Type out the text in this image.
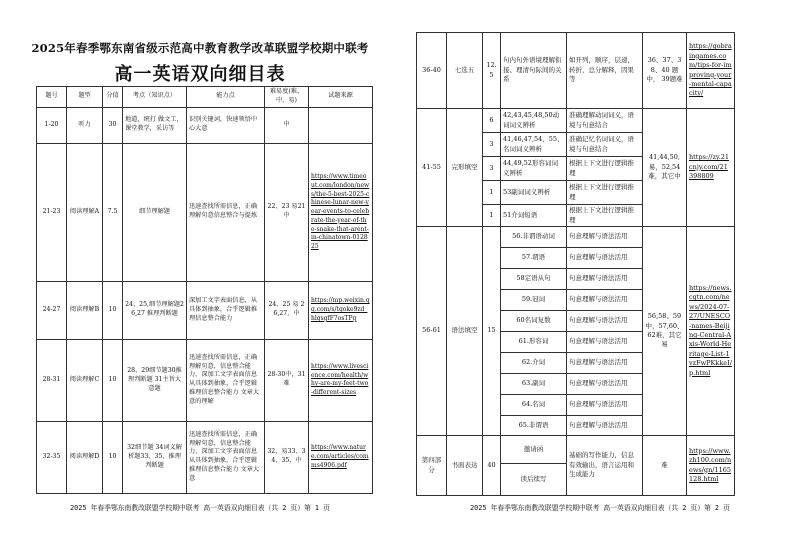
2025年春季鄂东南省级示范高中教育教学改革联盟学校期中联考
高一英语双向细目表
题号	题型	分值	考点（知识点）	能力点	难易度(难、中、易)	试题来源
1-20	听力	30	地道，统打 做文工，课堂教学，采访等	识别关键词，快速领悟中心大意	中	
21-23	阅读理解A	7.5	细节理解题	迅速查找所需信息，正确理解句意信息整合与提炼	22、23 易21 中	https://www.timeout.com/london/news/the-5-best-2025-chinese-lunar-new-year-events-to-celebrate-the-year-of-the-snake-that-arent-in-chinatown-012825
24-27	阅读理解B	10	24、25,细节理解题26,27 推理判断题	深加工文字表面信息，从具体到抽象，合乎逻辑推理信息整合能力	24、25 易 26,27、中	https://mp.weixin.qq.com/s/tqoke9zd_hlqsgfF7osTPg
28-31	阅读理解C	10	28、29细节题30推理判断题 31主旨大意题	迅速查找所需信息，正确理解句意，信息整合能力，深加工文字表面信息从具体到抽象，合乎逻辑推理信息整合能力 文章大意的理解	28-30中，31难	https://www.livescience.com/health/why-are-my-feet-two-different-sizes
32-35	阅读理解D	10	32细节题 34词义解析题33、35、推理判断题	迅速查找所需信息，正确理解句意，信息整合能力，深加工文字表面信息从具体到抽象，合乎逻辑推理信息整合能力 文章大意	32，易33、34、35，中	https://www.nature.com/articles/comms4906.pdf
2025 年春季鄂东南教改联盟学校期中联考 高一英语双向细目表（共 2 页）第 1 页
36-40	七选五	12.5	句内句外语境理解衔接、理清句际间的关系	如开列，顺序，层递，转折，总分解释，因果等	36、37、38、40 题中， 39题难	https://gobraingames.com/tips-for-improving-your-mental-capacity/
41-55	完形填空	6	42,43,45,48,50动词词义辨析	准确理解动词词义，语境与句意结合	41,44,50,易，52,54难，其它中	https://zy.21cnjy.com/21398809
		3	41,46,47,54、55、名词词义辨析	准确记忆名词词义，语境与句意结合		
		3	44,49,52形容词词义辨析	根据上下文进行逻辑推理		
		1	53副词词义辨析	根据上下文进行逻辑推理		
		1	51介词短语	根据上下文进行逻辑推理		
56-61	语法填空	15	56.非谓语动词	句意理解与语法活用	56,58、59中，57,60、62难，其它易	https://news.cgtn.com/news/2024-07-27/UNESCO-names-Beijing-Central-Axis-World-Heritage-List-1vzFwPKkkeI/p.html
			57.谓语	句意理解与语法活用		
			58定语从句	句意理解与语法活用		
			59.冠词	句意理解与语法活用		
			60名词复数	句意理解与语法活用		
			61.形容词	句意理解与语法活用		
			62.介词	句意理解与语法活用		
			63.副词	句意理解与语法活用		
			64.名词	句意理解与语法活用		
			65.非谓语	句意理解与语法活用		
第四部分	书面表达	40	邀请函	基础的写作能力，信息有效输出，语言运用和生成能力	难	https://www.zh100.com/news/gn/1165128.html
			读后续写			
2025 年春季鄂东南教改联盟学校期中联考 高一英语双向细目表（共 2 页）第 2 页
